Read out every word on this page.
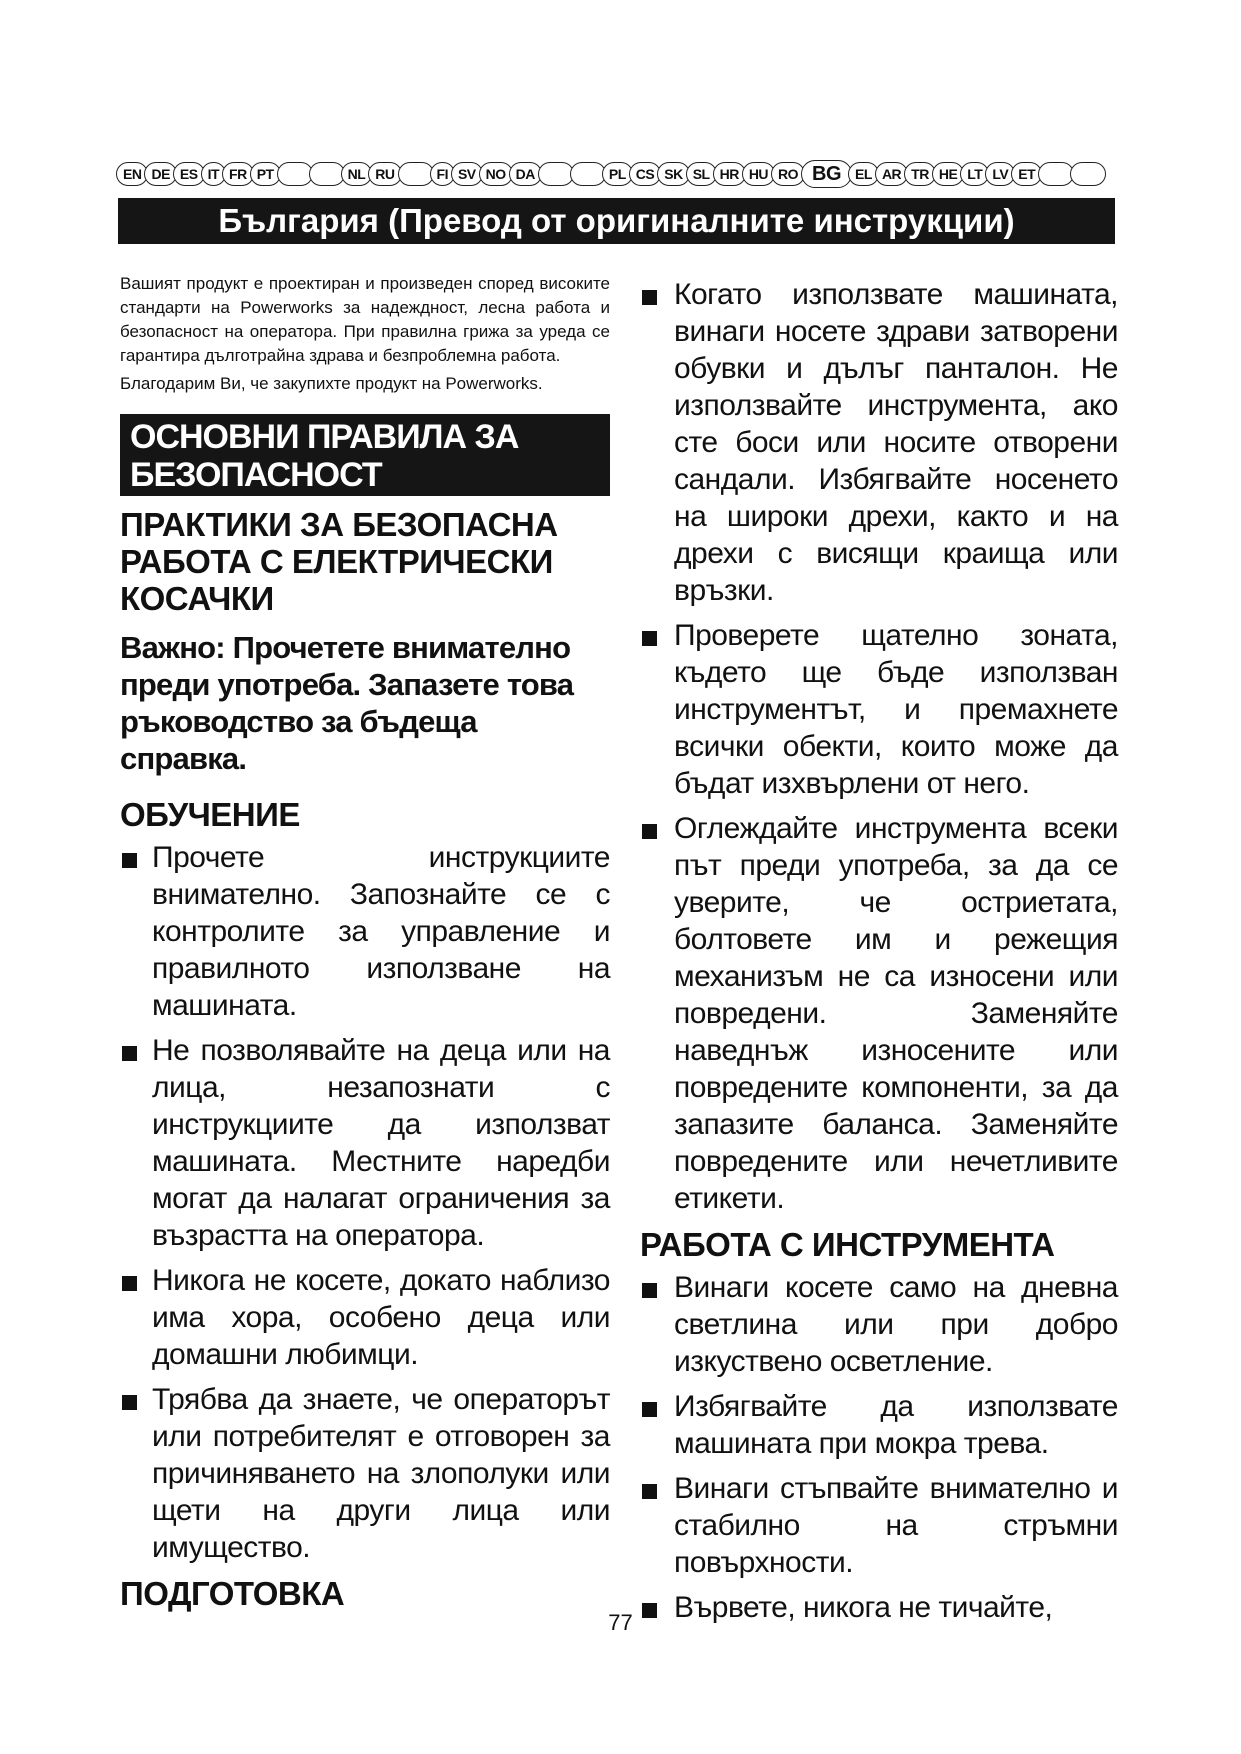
EN DE ES IT FR PT	NL RU	FI SV NO DA	PL CS SK SL HR HU RO BG	EL AR TR HE LT LV ET
България (Превод от оригиналните инструкции)

Вашият продукт е проектиран и произведен според високите стандарти на Powerworks за надеждност, лесна работа и безопасност на оператора. При правилна грижа за уреда се гарантира дълготрайна здрава и безпроблемна работа.

Благодарим Ви, че закупихте продукт на Powerworks.

ОСНОВНИ ПРАВИЛА ЗА БЕЗОПАСНОСТ
ПРАКТИКИ ЗА БЕЗОПАСНА РАБОТА С ЕЛЕКТРИЧЕСКИ КОСАЧКИ
Важно: Прочетете внимателно преди употреба. Запазете това ръководство за бъдеща справка.
ОБУЧЕНИЕ
Прочете инструкциите внимателно. Запознайте се с контролите за управление и правилното използване на машината.
Не позволявайте на деца или на лица, незапознати с инструкциите да използват машината. Местните наредби могат да налагат ограничения за възрастта на оператора.
Никога не косете, докато наблизо има хора, особено деца или домашни любимци.
Трябва да знаете, че операторът или потребителят е отговорен за причиняването на злополуки или щети на други лица или имущество.
ПОДГОТОВКА
Когато използвате машината, винаги носете здрави затворени обувки и дълъг панталон. Не използвайте инструмента, ако сте боси или носите отворени сандали. Избягвайте носенето на широки дрехи, както и на дрехи с висящи краища или връзки.
Проверете щателно зоната, където ще бъде използван инструментът, и премахнете всички обекти, които може да бъдат изхвърлени от него.
Оглеждайте инструмента всеки път преди употреба, за да се уверите, че остриетата, болтовете им и режещия механизъм не са износени или повредени. Заменяйте наведнъж износените или повредените компоненти, за да запазите баланса. Заменяйте повредените или нечетливите етикети.
РАБОТА С ИНСТРУМЕНТА
Винаги косете само на дневна светлина или при добро изкуствено осветление.
Избягвайте да използвате машината при мокра трева.
Винаги стъпвайте внимателно и стабилно на стръмни повърхности.
Вървете, никога не тичайте,
77
